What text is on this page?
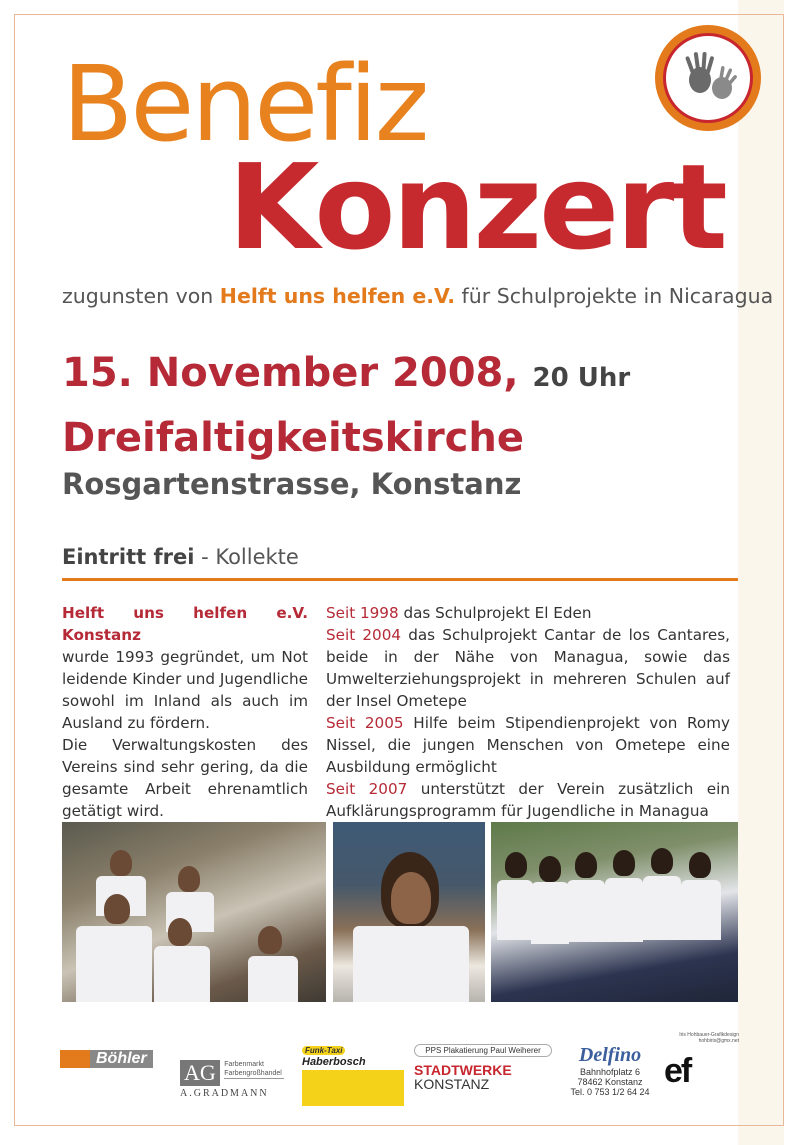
Benefiz
Konzert
zugunsten von Helft uns helfen e.V. für Schulprojekte in Nicaragua
15. November 2008, 20 Uhr
Dreifaltigkeitskirche
Rosgartenstrasse, Konstanz
Eintritt frei - Kollekte

Helft uns helfen e.V. Konstanz
wurde 1993 gegründet, um Not leidende Kinder und Jugendliche sowohl im Inland als auch im Ausland zu fördern.

Die Verwaltungskosten des Vereins sind sehr gering, da die gesamte Arbeit ehrenamtlich getätigt wird.

Seit 1998 das Schulprojekt El Eden

Seit 2004 das Schulprojekt Cantar de los Cantares, beide in der Nähe von Managua, sowie das Umwelterziehungsprojekt in mehreren Schulen auf der Insel Ometepe

Seit 2005 Hilfe beim Stipendienprojekt von Romy Nissel, die jungen Menschen von Ometepe eine Ausbildung ermöglicht

Seit 2007 unterstützt der Verein zusätzlich ein Aufklärungsprogramm für Jugendliche in Managua

Böhler

AG Farbenmarkt Farbengroßhandel
A.GRADMANN
Funk-Taxi Haberbosch
PPS Plakatierung Paul Weiherer
STADTWERKE
KONSTANZ
Delfino
Bahnhofplatz 6
78462 Konstanz
Tel. 0 753 1/2 64 24
Iris Hohbauer-Grafikdesign
hohbiris@gmx.net
ef
